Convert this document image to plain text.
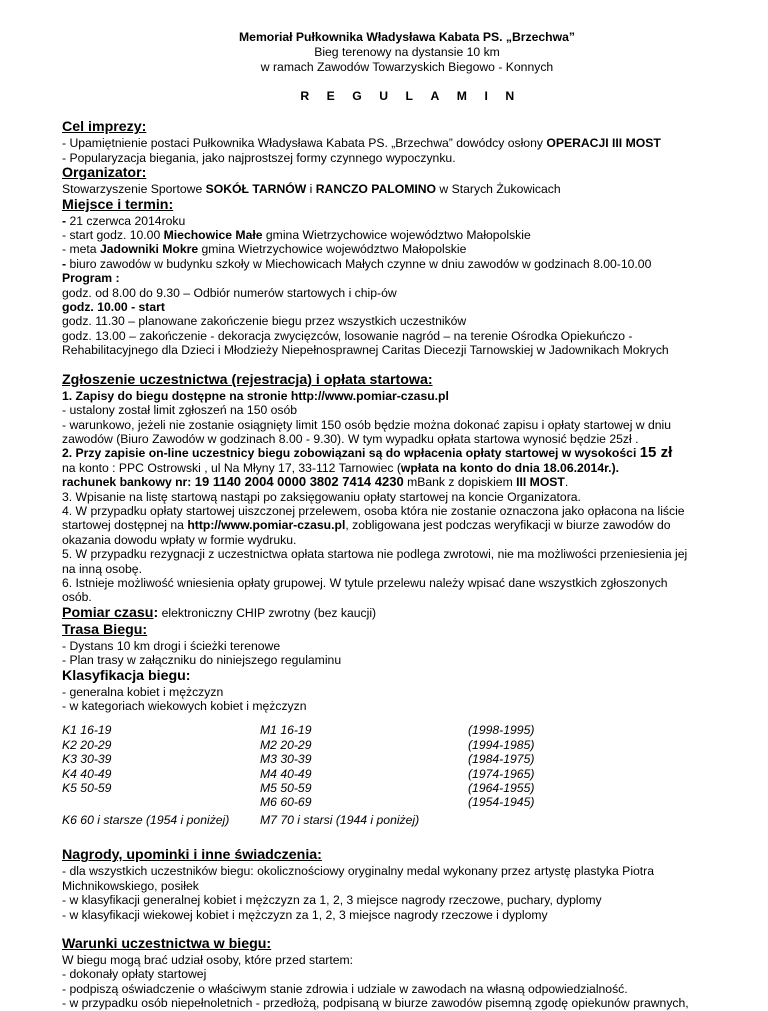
Memoriał Pułkownika Władysława Kabata PS. „Brzechwa”
Bieg terenowy na dystansie 10 km
w ramach Zawodów Towarzyskich Biegowo - Konnych
REGULAMIN
Cel imprezy:
- Upamiętnienie postaci Pułkownika Władysława Kabata PS. „Brzechwa” dowódcy osłony OPERACJI III MOST
- Popularyzacja biegania, jako najprostszej formy czynnego wypoczynku.
Organizator:
Stowarzyszenie Sportowe SOKÓŁ TARNÓW i RANCZO PALOMINO w Starych Żukowicach
Miejsce i termin:
- 21 czerwca 2014roku
- start godz. 10.00 Miechowice Małe gmina Wietrzychowice województwo Małopolskie
- meta Jadowniki Mokre gmina Wietrzychowice województwo Małopolskie
- biuro zawodów w budynku szkoły w Miechowicach Małych czynne w dniu zawodów w godzinach 8.00-10.00
Program :
godz. od 8.00 do 9.30 – Odbiór numerów startowych i chip-ów
godz. 10.00 - start
godz. 11.30 – planowane zakończenie biegu przez wszystkich uczestników
godz. 13.00 – zakończenie - dekoracja zwycięzców, losowanie nagród – na terenie Ośrodka Opiekuńczo -
Rehabilitacyjnego dla Dzieci i Młodzieży Niepełnosprawnej Caritas Diecezji Tarnowskiej w Jadownikach Mokrych
Zgłoszenie uczestnictwa (rejestracja) i opłata startowa:
1. Zapisy do biegu dostępne na stronie http://www.pomiar-czasu.pl
- ustalony został limit zgłoszeń na 150 osób
- warunkowo, jeżeli nie zostanie osiągnięty limit 150 osób będzie można dokonać zapisu i opłaty startowej w dniu
zawodów (Biuro Zawodów w godzinach 8.00 - 9.30). W tym wypadku opłata startowa wynosić będzie 25zł .
2. Przy zapisie on-line uczestnicy biegu zobowiązani są do wpłacenia opłaty startowej w wysokości 15 zł
na konto : PPC Ostrowski , ul Na Młyny 17, 33-112 Tarnowiec (wpłata na konto do dnia 18.06.2014r.).
rachunek bankowy nr: 19 1140 2004 0000 3802 7414 4230 mBank z dopiskiem III MOST.
3. Wpisanie na listę startową nastąpi po zaksięgowaniu opłaty startowej na koncie Organizatora.
4. W przypadku opłaty startowej uiszczonej przelewem, osoba która nie zostanie oznaczona jako opłacona na liście
startowej dostępnej na http://www.pomiar-czasu.pl, zobligowana jest podczas weryfikacji w biurze zawodów do
okazania dowodu wpłaty w formie wydruku.
5. W przypadku rezygnacji z uczestnictwa opłata startowa nie podlega zwrotowi, nie ma możliwości przeniesienia jej
na inną osobę.
6. Istnieje możliwość wniesienia opłaty grupowej. W tytule przelewu należy wpisać dane wszystkich zgłoszonych
osób.
Pomiar czasu: elektroniczny CHIP zwrotny (bez kaucji)
Trasa Biegu:
- Dystans 10 km drogi i ścieżki terenowe
- Plan trasy w załączniku do niniejszego regulaminu
Klasyfikacja biegu:
- generalna kobiet i mężczyzn
- w kategoriach wiekowych kobiet i mężczyzn
K1 16-19
K2 20-29
K3 30-39
K4 40-49
K5 50-59
K6 60 i starsze (1954 i poniżej)
M1 16-19
M2 20-29
M3 30-39
M4 40-49
M5 50-59
M6 60-69
M7 70 i starsi (1944 i poniżej)
(1998-1995)
(1994-1985)
(1984-1975)
(1974-1965)
(1964-1955)
(1954-1945)
Nagrody, upominki i inne świadczenia:
- dla wszystkich uczestników biegu: okolicznościowy oryginalny medal wykonany przez artystę plastyka Piotra
Michnikowskiego, posiłek
- w klasyfikacji generalnej kobiet i mężczyzn za 1, 2, 3 miejsce nagrody rzeczowe, puchary, dyplomy
- w klasyfikacji wiekowej kobiet i mężczyzn za 1, 2, 3 miejsce nagrody rzeczowe i dyplomy
Warunki uczestnictwa w biegu:
W biegu mogą brać udział osoby, które przed startem:
- dokonały opłaty startowej
- podpiszą oświadczenie o właściwym stanie zdrowia i udziale w zawodach na własną odpowiedzialność.
- w przypadku osób niepełnoletnich - przedłożą, podpisaną w biurze zawodów pisemną zgodę opiekunów prawnych,
